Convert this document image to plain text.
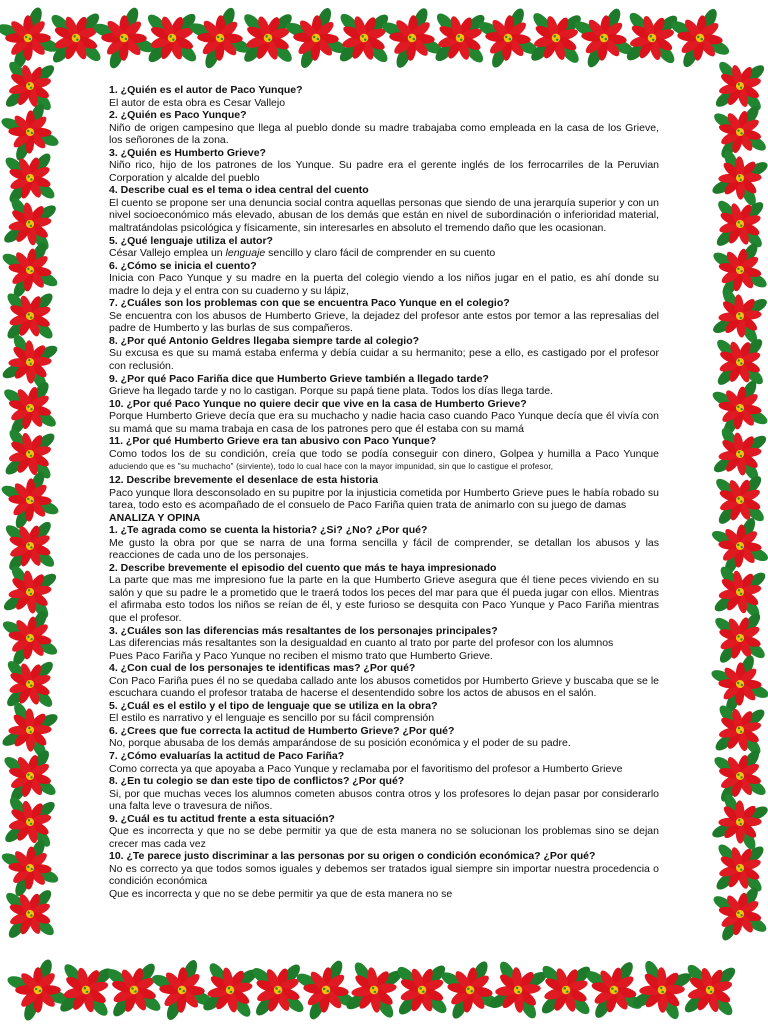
1. ¿Quién es el autor de Paco Yunque?
El autor de esta obra es Cesar Vallejo
2. ¿Quién es Paco Yunque?
Niño de origen campesino que llega al pueblo donde su madre trabajaba como empleada en la casa de los Grieve, los señorones de la zona.
3. ¿Quién es Humberto Grieve?
Niño rico, hijo de los patrones de los Yunque. Su padre era el gerente inglés de los ferrocarriles de la Peruvian Corporation y alcalde del pueblo
4. Describe cual es el tema o idea central del cuento
El cuento se propone ser una denuncia social contra aquellas personas que siendo de una jerarquía superior y con un nivel socioeconómico más elevado, abusan de los demás que están en nivel de subordinación o inferioridad material, maltratándolas psicológica y físicamente, sin interesarles en absoluto el tremendo daño que les ocasionan.
5. ¿Qué lenguaje utiliza el autor?
César Vallejo emplea un lenguaje sencillo y claro fácil de comprender en su cuento
6. ¿Cómo se inicia el cuento?
Inicia con Paco Yunque y su madre en la puerta del colegio viendo a los niños jugar en el patio, es ahí donde su madre lo deja y el entra con su cuaderno y su lápiz,
7. ¿Cuáles son los problemas con que se encuentra Paco Yunque en el colegio?
Se encuentra con los abusos de Humberto Grieve, la dejadez del profesor ante estos por temor a las represalias del padre de Humberto y las burlas de sus compañeros.
8. ¿Por qué Antonio Geldres llegaba siempre tarde al colegio?
Su excusa es que su mamá estaba enferma y debía cuidar a su hermanito; pese a ello, es castigado por el profesor con reclusión.
9. ¿Por qué Paco Fariña dice que Humberto Grieve también a llegado tarde?
Grieve ha llegado tarde y no lo castigan. Porque su papá tiene plata. Todos los días llega tarde.
10. ¿Por qué Paco Yunque no quiere decir que vive en la casa de Humberto Grieve?
Porque Humberto Grieve decía que era su muchacho y nadie hacia caso cuando Paco Yunque decía que él vivía con su mamá que su mama trabaja en casa de los patrones pero que él estaba con su mamá
11. ¿Por qué Humberto Grieve era tan abusivo con Paco Yunque?
Como todos los de su condición, creía que todo se podía conseguir con dinero, Golpea y humilla a Paco Yunque aduciendo que es "su muchacho" (sirviente), todo lo cual hace con la mayor impunidad, sin que lo castigue el profesor,
12. Describe brevemente el desenlace de esta historia
Paco yunque llora desconsolado en su pupitre por la injusticia cometida por Humberto Grieve pues le había robado su tarea, todo esto es acompañado de el consuelo de Paco Fariña quien trata de animarlo con su juego de damas
ANALIZA Y OPINA
1. ¿Te agrada como se cuenta la historia? ¿Si? ¿No? ¿Por qué?
Me gusto la obra por que se narra de una forma sencilla y fácil de comprender, se detallan los abusos y las reacciones de cada uno de los personajes.
2. Describe brevemente el episodio del cuento que más te haya impresionado
La parte que mas me impresiono fue la parte en la que Humberto Grieve asegura que él tiene peces viviendo en su salón y que su padre le a prometido que le traerá todos los peces del mar para que él pueda jugar con ellos. Mientras el afirmaba esto todos los niños se reían de él, y este furioso se desquita con Paco Yunque y Paco Fariña mientras que el profesor.
3. ¿Cuáles son las diferencias más resaltantes de los personajes principales?
Las diferencias más resaltantes son la desigualdad en cuanto al trato por parte del profesor con los alumnos
Pues Paco Fariña y Paco Yunque no reciben el mismo trato que Humberto Grieve.
4. ¿Con cual de los personajes te identificas mas? ¿Por qué?
Con Paco Fariña pues él no se quedaba callado ante los abusos cometidos por Humberto Grieve y buscaba que se le escuchara cuando el profesor trataba de hacerse el desentendido sobre los actos de abusos en el salón.
5. ¿Cuál es el estilo y el tipo de lenguaje que se utiliza en la obra?
El estilo es narrativo y el lenguaje es sencillo por su fácil comprensión
6. ¿Crees que fue correcta la actitud de Humberto Grieve? ¿Por qué?
No, porque abusaba de los demás amparándose de su posición económica y el poder de su padre.
7. ¿Cómo evaluarías la actitud de Paco Fariña?
Como correcta ya que apoyaba a Paco Yunque y reclamaba por el favoritismo del profesor a Humberto Grieve
8. ¿En tu colegio se dan este tipo de conflictos? ¿Por qué?
Si, por que muchas veces los alumnos cometen abusos contra otros y los profesores lo dejan pasar por considerarlo una falta leve o travesura de niños.
9. ¿Cuál es tu actitud frente a esta situación?
Que es incorrecta y que no se debe permitir ya que de esta manera no se solucionan los problemas sino se dejan crecer mas cada vez
10. ¿Te parece justo discriminar a las personas por su origen o condición económica? ¿Por qué?
No es correcto ya que todos somos iguales y debemos ser tratados igual siempre sin importar nuestra procedencia o condición económica
Que es incorrecta y que no se debe permitir ya que de esta manera no se
